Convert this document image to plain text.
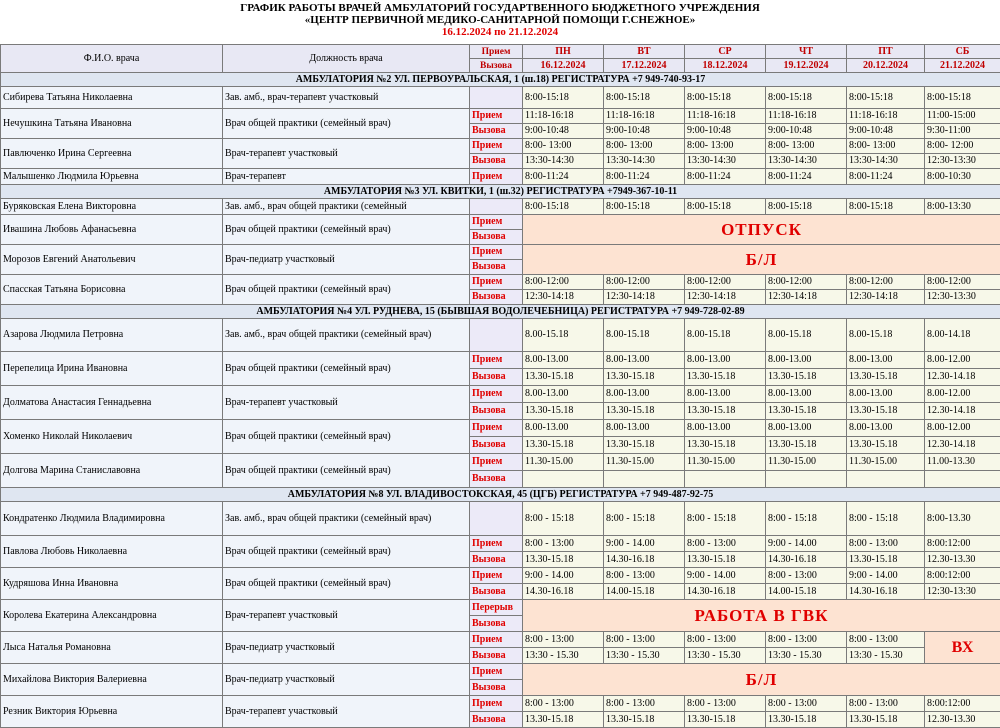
ГРАФИК РАБОТЫ ВРАЧЕЙ АМБУЛАТОРИЙ ГОСУДАРТВЕННОГО БЮДЖЕТНОГО УЧРЕЖДЕНИЯ
«ЦЕНТР ПЕРВИЧНОЙ МЕДИКО-САНИТАРНОЙ ПОМОЩИ Г.СНЕЖНОЕ»
16.12.2024 по 21.12.2024
Ф.И.О. врача	Должность врача	Прием	ПН	ВТ	СР	ЧТ	ПТ	СБ
		Вызова	16.12.2024	17.12.2024	18.12.2024	19.12.2024	20.12.2024	21.12.2024
АМБУЛАТОРИЯ №2 УЛ. ПЕРВОУРАЛЬСКАЯ, 1 (ш.18) РЕГИСТРАТУРА +7 949-740-93-17								
Сибирева Татьяна Николаевна	Зав. амб., врач-терапевт участковый		8:00-15:18	8:00-15:18	8:00-15:18	8:00-15:18	8:00-15:18	8:00-15:18
Нечушкина Татьяна Ивановна	Врач общей практики (семейный врач)	Прием	11:18-16:18	11:18-16:18	11:18-16:18	11:18-16:18	11:18-16:18	11:00-15:00
		Вызова	9:00-10:48	9:00-10:48	9:00-10:48	9:00-10:48	9:00-10:48	9:30-11:00
Павлюченко Ирина Сергеевна	Врач-терапевт участковый	Прием	8:00- 13:00	8:00- 13:00	8:00- 13:00	8:00- 13:00	8:00- 13:00	8:00- 12:00
		Вызова	13:30-14:30	13:30-14:30	13:30-14:30	13:30-14:30	13:30-14:30	12:30-13:30
Малышенко Людмила Юрьевна	Врач-терапевт	Прием	8:00-11:24	8:00-11:24	8:00-11:24	8:00-11:24	8:00-11:24	8:00-10:30
АМБУЛАТОРИЯ №3 УЛ. КВИТКИ, 1 (ш.32) РЕГИСТРАТУРА +7949-367-10-11								
Буряковская Елена Викторовна	Зав. амб., врач общей практики (семейный		8:00-15:18	8:00-15:18	8:00-15:18	8:00-15:18	8:00-15:18	8:00-13:30
Ивашина Любовь Афанасьевна	Врач общей практики (семейный врач)	Прием	ОТПУСК					
		Вызова						
Морозов Евгений Анатольевич	Врач-педиатр участковый	Прием	Б/Л					
		Вызова						
Спасская Татьяна Борисовна	Врач общей практики (семейный врач)	Прием	8:00-12:00	8:00-12:00	8:00-12:00	8:00-12:00	8:00-12:00	8:00-12:00
		Вызова	12:30-14:18	12:30-14:18	12:30-14:18	12:30-14:18	12:30-14:18	12:30-13:30
АМБУЛАТОРИЯ №4 УЛ. РУДНЕВА, 15 (БЫВШАЯ ВОДОЛЕЧЕБНИЦА) РЕГИСТРАТУРА +7 949-728-02-89								
Азарова Людмила Петровна	Зав. амб., врач общей практики (семейный врач)		8.00-15.18	8.00-15.18	8.00-15.18	8.00-15.18	8.00-15.18	8.00-14.18
Перепелица Ирина Ивановна	Врач общей практики (семейный врач)	Прием	8.00-13.00	8.00-13.00	8.00-13.00	8.00-13.00	8.00-13.00	8.00-12.00
		Вызова	13.30-15.18	13.30-15.18	13.30-15.18	13.30-15.18	13.30-15.18	12.30-14.18
Долматова Анастасия Геннадьевна	Врач-терапевт участковый	Прием	8.00-13.00	8.00-13.00	8.00-13.00	8.00-13.00	8.00-13.00	8.00-12.00
		Вызова	13.30-15.18	13.30-15.18	13.30-15.18	13.30-15.18	13.30-15.18	12.30-14.18
Хоменко Николай Николаевич	Врач общей практики (семейный врач)	Прием	8.00-13.00	8.00-13.00	8.00-13.00	8.00-13.00	8.00-13.00	8.00-12.00
		Вызова	13.30-15.18	13.30-15.18	13.30-15.18	13.30-15.18	13.30-15.18	12.30-14.18
Долгова Марина Станиславовна	Врач общей практики (семейный врач)	Прием	11.30-15.00	11.30-15.00	11.30-15.00	11.30-15.00	11.30-15.00	11.00-13.30
		Вызова						
АМБУЛАТОРИЯ №8 УЛ. ВЛАДИВОСТОКСКАЯ, 45 (ЦГБ) РЕГИСТРАТУРА +7 949-487-92-75								
Кондратенко Людмила Владимировна	Зав. амб., врач общей практики (семейный врач)		8:00 - 15:18	8:00 - 15:18	8:00 - 15:18	8:00 - 15:18	8:00 - 15:18	8:00-13.30
Павлова Любовь Николаевна	Врач общей практики (семейный врач)	Прием	8:00 - 13:00	9:00 - 14.00	8:00 - 13:00	9:00 - 14.00	8:00 - 13:00	8:00:12:00
		Вызова	13.30-15.18	14.30-16.18	13.30-15.18	14.30-16.18	13.30-15.18	12.30-13.30
Кудряшова Инна Ивановна	Врач общей практики (семейный врач)	Прием	9:00 - 14.00	8:00 - 13:00	9:00 - 14.00	8:00 - 13:00	9:00 - 14.00	8:00:12:00
		Вызова	14.30-16.18	14.00-15.18	14.30-16.18	14.00-15.18	14.30-16.18	12:30-13:30
Королева Екатерина Александровна	Врач-терапевт участковый	Перерыв	РАБОТА В ГВК					
		Вызова						
Лыса Наталья Романовна	Врач-педиатр участковый	Прием	8:00 - 13:00	8:00 - 13:00	8:00 - 13:00	8:00 - 13:00	8:00 - 13:00	ВХ
		Вызова	13:30 - 15.30	13:30 - 15.30	13:30 - 15.30	13:30 - 15.30	13:30 - 15.30	
Михайлова Виктория Валериевна	Врач-педиатр участковый	Прием	Б/Л					
		Вызова						
Резник Виктория Юрьевна	Врач-терапевт участковый	Прием	8:00 - 13:00	8:00 - 13:00	8:00 - 13:00	8:00 - 13:00	8:00 - 13:00	8:00:12:00
		Вызова	13.30-15.18	13.30-15.18	13.30-15.18	13.30-15.18	13.30-15.18	12.30-13.30
